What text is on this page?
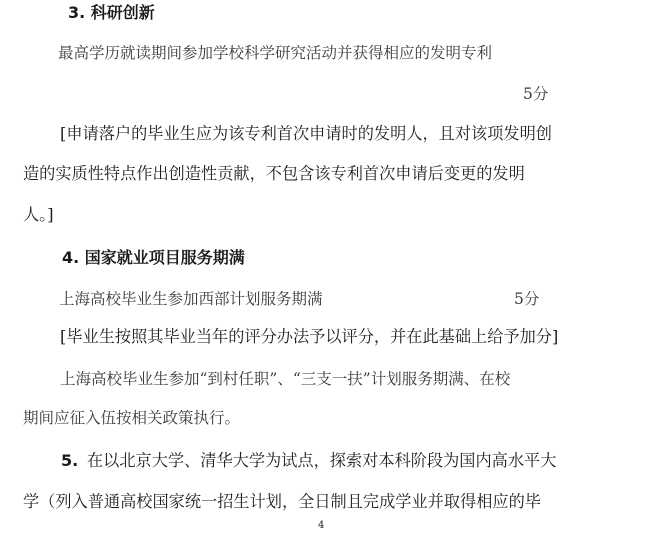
3. 科研创新
最高学历就读期间参加学校科学研究活动并获得相应的发明专利
5分
[申请落户的毕业生应为该专利首次申请时的发明人，且对该项发明创
造的实质性特点作出创造性贡献，不包含该专利首次申请后变更的发明
人。]
4. 国家就业项目服务期满
上海高校毕业生参加西部计划服务期满	5分
[毕业生按照其毕业当年的评分办法予以评分，并在此基础上给予加分]
上海高校毕业生参加“到村任职”、“三支一扶”计划服务期满、在校
期间应征入伍按相关政策执行。
5. 在以北京大学、清华大学为试点，探索对本科阶段为国内高水平大
学（列入普通高校国家统一招生计划，全日制且完成学业并取得相应的毕
4
